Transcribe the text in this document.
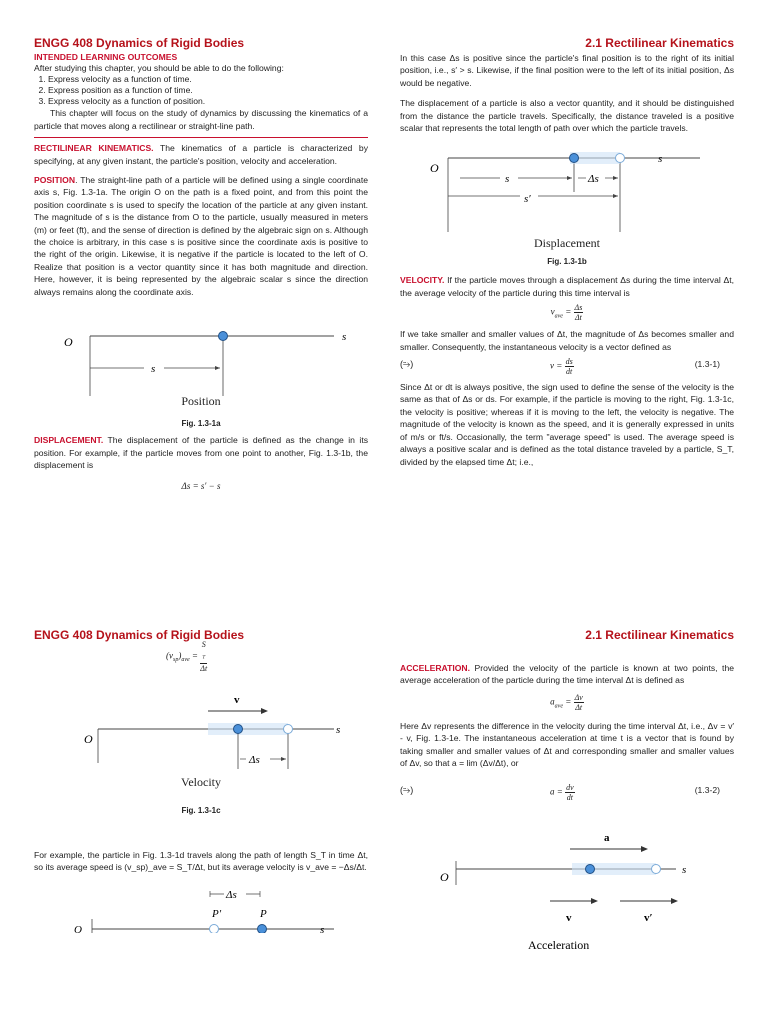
ENGG 408 Dynamics of Rigid Bodies
INTENDED LEARNING OUTCOMES

After studying this chapter, you should be able to do the following:

1. Express velocity as a function of time.
2. Express position as a function of time.
3. Express velocity as a function of position.

This chapter will focus on the study of dynamics by discussing the kinematics of a particle that moves along a rectilinear or straight-line path.

RECTILINEAR KINEMATICS. The kinematics of a particle is characterized by specifying, at any given instant, the particle's position, velocity and acceleration.

POSITION. The straight-line path of a particle will be defined using a single coordinate axis s, Fig. 1.3-1a. The origin O on the path is a fixed point, and from this point the position coordinate s is used to specify the location of the particle at any given instant. The magnitude of s is the distance from O to the particle, usually measured in meters (m) or feet (ft), and the sense of direction is defined by the algebraic sign on s. Although the choice is arbitrary, in this case s is positive since the coordinate axis is positive to the right of the origin. Likewise, it is negative if the particle is located to the left of O. Realize that position is a vector quantity since it has both magnitude and direction. Here, however, it is being represented by the algebraic scalar s since the direction always remains along the coordinate axis.

O	s
s
Position
Fig. 1.3-1a

DISPLACEMENT. The displacement of the particle is defined as the change in its position. For example, if the particle moves from one point to another, Fig. 1.3-1b, the displacement is

Δs = s′ − s
2.1 Rectilinear Kinematics

In this case Δs is positive since the particle's final position is to the right of its initial position, i.e., s′ > s. Likewise, if the final position were to the left of its initial position, Δs would be negative.

The displacement of a particle is also a vector quantity, and it should be distinguished from the distance the particle travels. Specifically, the distance traveled is a positive scalar that represents the total length of path over which the particle travels.

O
s
s	Δs
s′
Displacement
Fig. 1.3-1b

VELOCITY. If the particle moves through a displacement Δs during the time interval Δt, the average velocity of the particle during this time interval is

$v_{ave} = \frac{\Delta s}{\Delta t}$

If we take smaller and smaller values of Δt, the magnitude of Δs becomes smaller and smaller. Consequently, the instantaneous velocity is a vector defined as

(⥲)	$v = \frac{ds}{dt}$	(1.3-1)

Since Δt or dt is always positive, the sign used to define the sense of the velocity is the same as that of Δs or ds. For example, if the particle is moving to the right, Fig. 1.3-1c, the velocity is positive; whereas if it is moving to the left, the velocity is negative. The magnitude of the velocity is known as the speed, and it is generally expressed in units of m/s or ft/s. Occasionally, the term "average speed" is used. The average speed is always a positive scalar and is defined as the total distance traveled by a particle, S_T, divided by the elapsed time Δt; i.e.,

ENGG 408 Dynamics of Rigid Bodies
$(v_{sp})_{ave} = S$
$_T$
Δt
v
O
s
Δs
Velocity
Fig. 1.3-1c

For example, the particle in Fig. 1.3-1d travels along the path of length S_T in time Δt, so its average speed is (v_sp)_ave = S_T/Δt, but its average velocity is v_ave = −Δs/Δt.

Δs
P′	P
O	s
2.1 Rectilinear Kinematics

ACCELERATION. Provided the velocity of the particle is known at two points, the average acceleration of the particle during the time interval Δt is defined as

$a_{ave} = \frac{\Delta v}{\Delta t}$

Here Δv represents the difference in the velocity during the time interval Δt, i.e., Δv = v′ - v, Fig. 1.3-1e. The instantaneous acceleration at time t is a vector that is found by taking smaller and smaller values of Δt and corresponding smaller and smaller values of Δv, so that a = lim (Δv/Δt), or

(⥲)	$a = \frac{dv}{dt}$	(1.3-2)
a
O	s
v	v′
Acceleration
